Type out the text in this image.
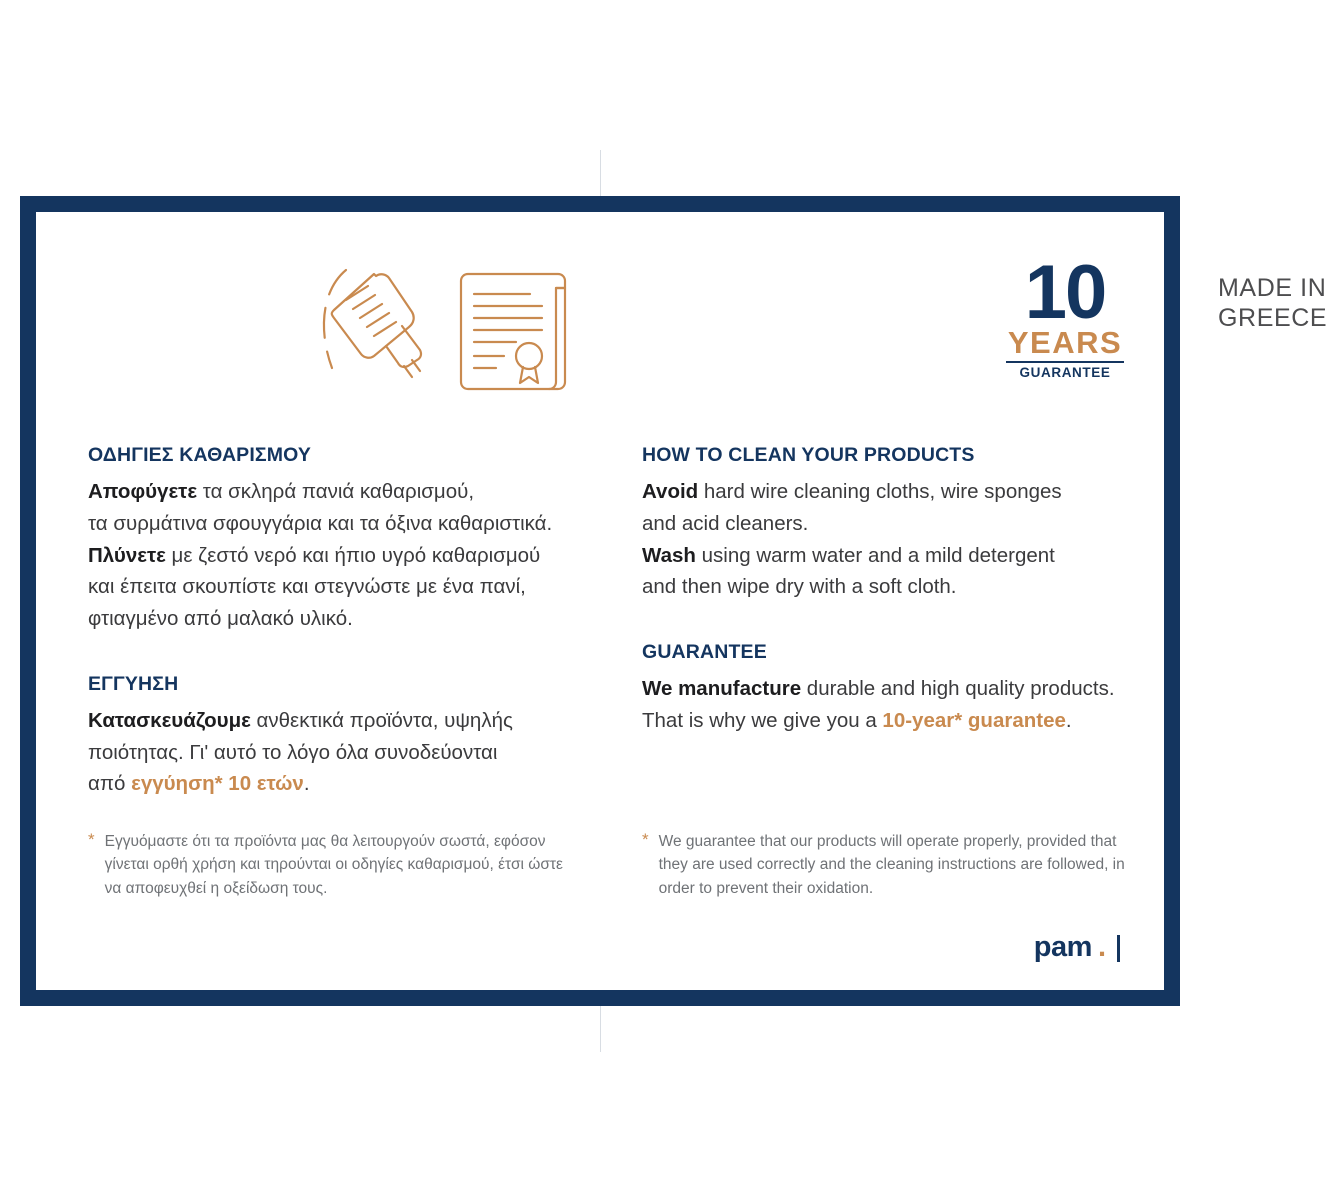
ΟΔΗΓΙΕΣ ΚΑΘΑΡΙΣΜΟΥ

Αποφύγετε τα σκληρά πανιά καθαρισμού,
τα συρμάτινα σφουγγάρια και τα όξινα καθαριστικά.
Πλύνετε με ζεστό νερό και ήπιο υγρό καθαρισμού
και έπειτα σκουπίστε και στεγνώστε με ένα πανί,
φτιαγμένο από μαλακό υλικό.

ΕΓΓΥΗΣΗ

Κατασκευάζουμε ανθεκτικά προϊόντα, υψηλής
ποιότητας. Γι' αυτό το λόγο όλα συνοδεύονται
από εγγύηση* 10 ετών.

* Εγγυόμαστε ότι τα προϊόντα μας θα λειτουργούν σωστά, εφόσον γίνεται ορθή χρήση και τηρούνται οι οδηγίες καθαρισμού, έτσι ώστε να αποφευχθεί η οξείδωση τους.
MADE IN
GREECE
10
YEARS
GUARANTEE
HOW TO CLEAN YOUR PRODUCTS

Avoid hard wire cleaning cloths, wire sponges
and acid cleaners.
Wash using warm water and a mild detergent
and then wipe dry with a soft cloth.

GUARANTEE

We manufacture durable and high quality products.
That is why we give you a 10-year* guarantee.

* We guarantee that our products will operate properly, provided that they are used correctly and the cleaning instructions are followed, in order to prevent their oxidation.
pam .
